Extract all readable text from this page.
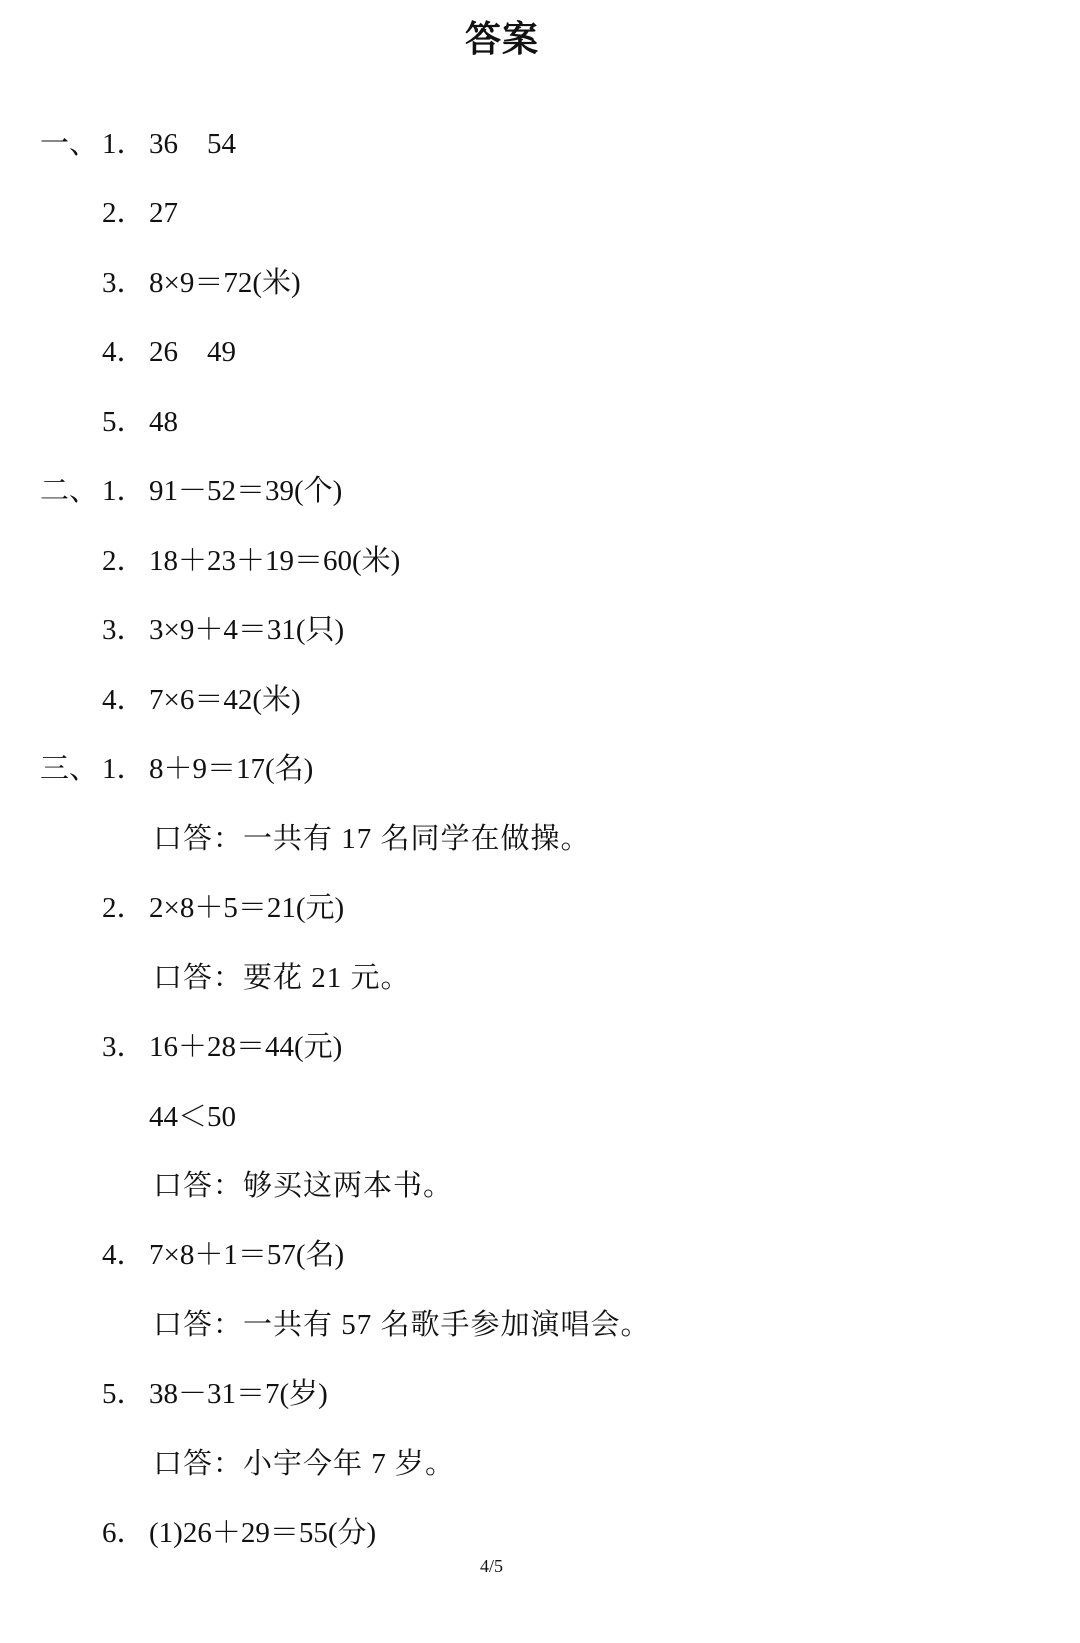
答案

一、

1．

36　54

2．

27

3．

8×9＝72(米)

4．

26　49

5．

48

二、

1．

91－52＝39(个)

2．

18＋23＋19＝60(米)

3．

3×9＋4＝31(只)

4．

7×6＝42(米)

三、

1．

8＋9＝17(名)

口答：一共有 17 名同学在做操。

2．

2×8＋5＝21(元)

口答：要花 21 元。

3．

16＋28＝44(元)

44＜50

口答：够买这两本书。

4．

7×8＋1＝57(名)

口答：一共有 57 名歌手参加演唱会。

5．

38－31＝7(岁)

口答：小宇今年 7 岁。

6．

(1)26＋29＝55(分)

4/5
